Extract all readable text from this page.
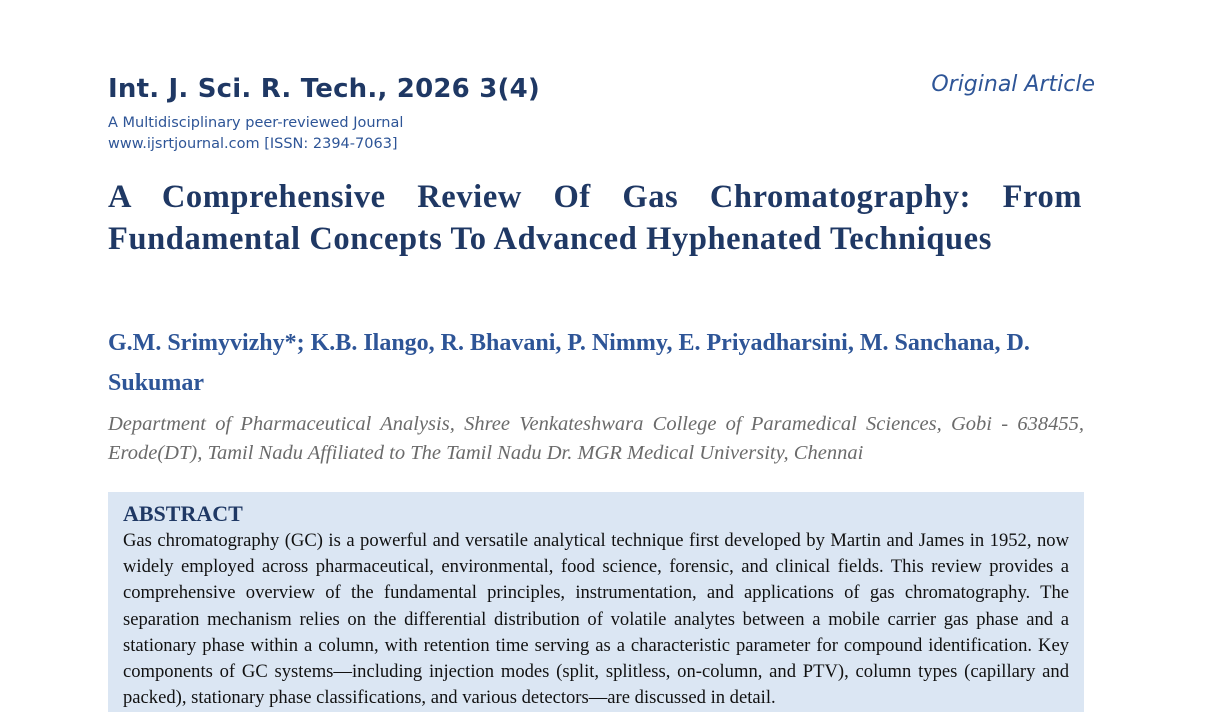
Int. J. Sci. R. Tech., 2026 3(4)
A Multidisciplinary peer-reviewed Journal
www.ijsrtjournal.com [ISSN: 2394-7063]
Original Article
A Comprehensive Review Of Gas Chromatography: From Fundamental Concepts To Advanced Hyphenated Techniques

G.M. Srimyvizhy*; K.B. Ilango, R. Bhavani, P. Nimmy, E. Priyadharsini, M. Sanchana, D. Sukumar

Department of Pharmaceutical Analysis, Shree Venkateshwara College of Paramedical Sciences, Gobi - 638455, Erode(DT), Tamil Nadu Affiliated to The Tamil Nadu Dr. MGR Medical University, Chennai

ABSTRACT

Gas chromatography (GC) is a powerful and versatile analytical technique first developed by Martin and James in 1952, now widely employed across pharmaceutical, environmental, food science, forensic, and clinical fields. This review provides a comprehensive overview of the fundamental principles, instrumentation, and applications of gas chromatography. The separation mechanism relies on the differential distribution of volatile analytes between a mobile carrier gas phase and a stationary phase within a column, with retention time serving as a characteristic parameter for compound identification. Key components of GC systems—including injection modes (split, splitless, on-column, and PTV), column types (capillary and packed), stationary phase classifications, and various detectors—are discussed in detail.
